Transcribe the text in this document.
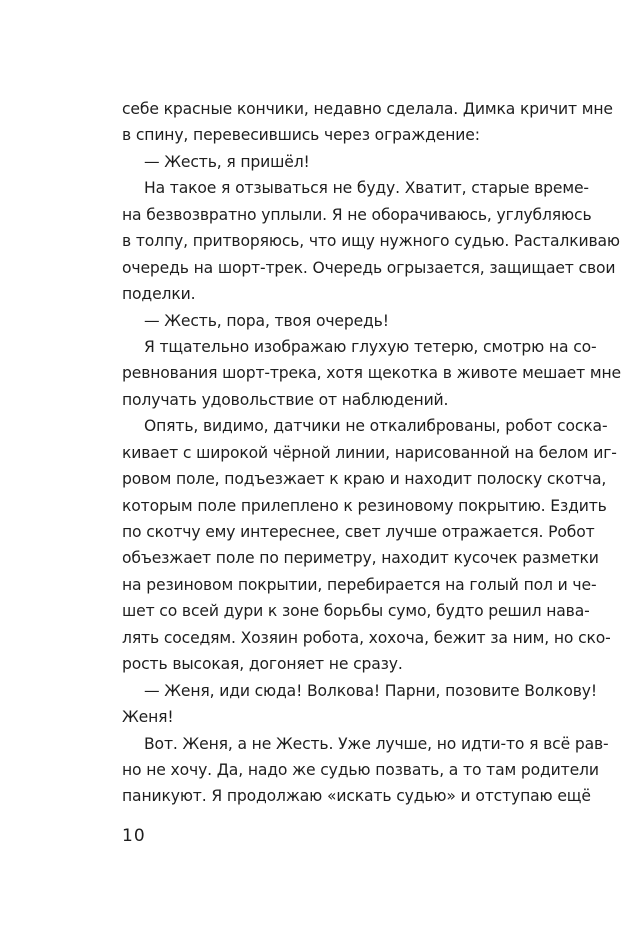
себе красные кончики, недавно сделала. Димка кричит мне
в спину, перевесившись через ограждение:
— Жесть, я пришёл!
На такое я отзываться не буду. Хватит, старые време-
на безвозвратно уплыли. Я не оборачиваюсь, углубляюсь
в толпу, притворяюсь, что ищу нужного судью. Расталкиваю
очередь на шорт-трек. Очередь огрызается, защищает свои
поделки.
— Жесть, пора, твоя очередь!
Я тщательно изображаю глухую тетерю, смотрю на со-
ревнования шорт-трека, хотя щекотка в животе мешает мне
получать удовольствие от наблюдений.
Опять, видимо, датчики не откалиброваны, робот соска-
кивает с широкой чёрной линии, нарисованной на белом иг-
ровом поле, подъезжает к краю и находит полоску скотча,
которым поле прилеплено к резиновому покрытию. Ездить
по скотчу ему интереснее, свет лучше отражается. Робот
объезжает поле по периметру, находит кусочек разметки
на резиновом покрытии, перебирается на голый пол и че-
шет со всей дури к зоне борьбы сумо, будто решил нава-
лять соседям. Хозяин робота, хохоча, бежит за ним, но ско-
рость высокая, догоняет не сразу.
— Женя, иди сюда! Волкова! Парни, позовите Волкову!
Женя!
Вот. Женя, а не Жесть. Уже лучше, но идти-то я всё рав-
но не хочу. Да, надо же судью позвать, а то там родители
паникуют. Я продолжаю «искать судью» и отступаю ещё
10
